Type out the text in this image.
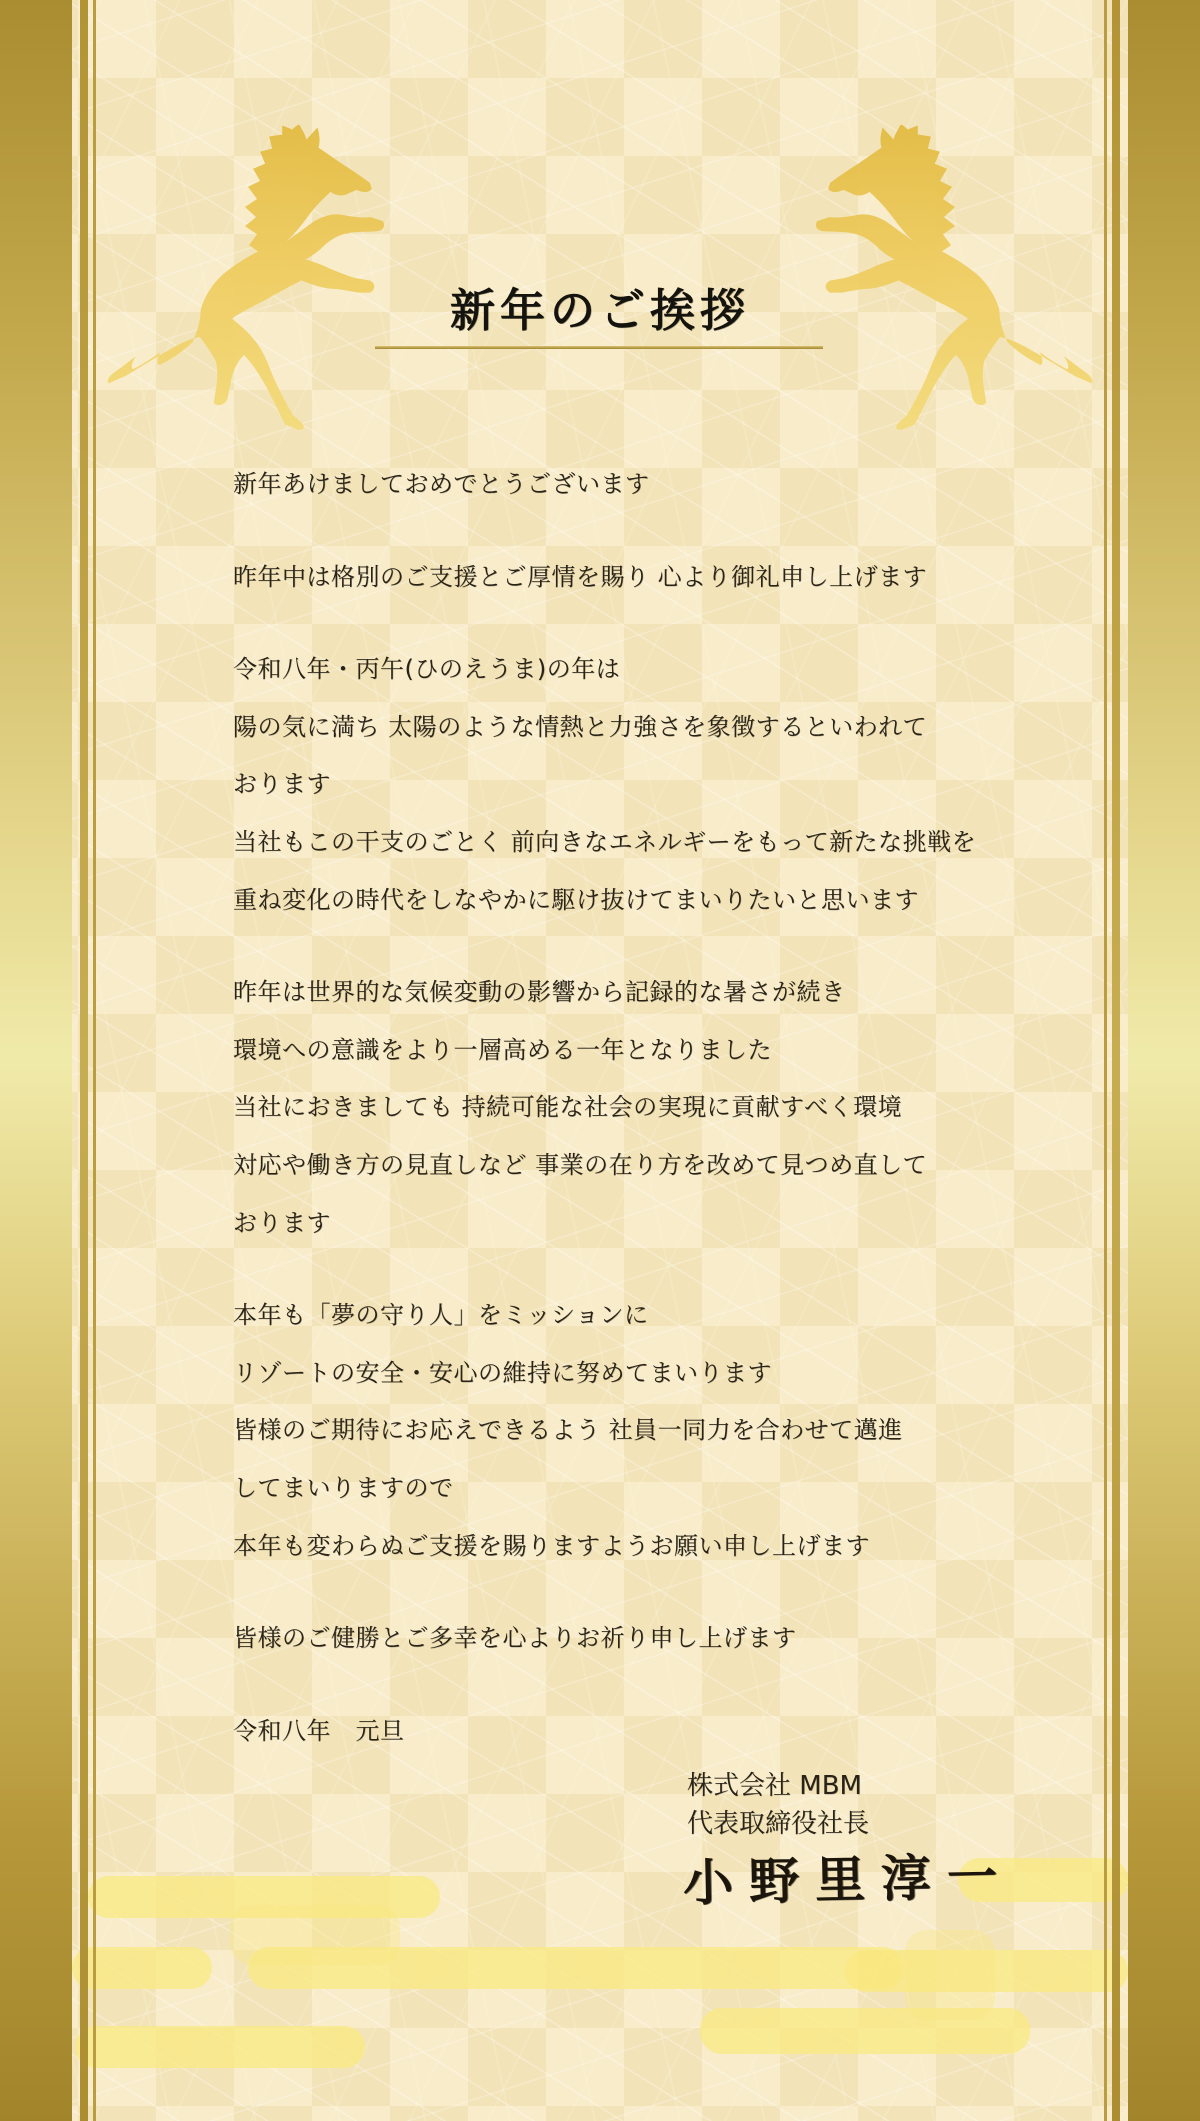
新年のご挨拶

新年あけましておめでとうございます

昨年中は格別のご支援とご厚情を賜り 心より御礼申し上げます

令和八年・丙午(ひのえうま)の年は
陽の気に満ち 太陽のような情熱と力強さを象徴するといわれて
おります
当社もこの干支のごとく 前向きなエネルギーをもって新たな挑戦を
重ね変化の時代をしなやかに駆け抜けてまいりたいと思います

昨年は世界的な気候変動の影響から記録的な暑さが続き
環境への意識をより一層高める一年となりました
当社におきましても 持続可能な社会の実現に貢献すべく環境
対応や働き方の見直しなど 事業の在り方を改めて見つめ直して
おります

本年も「夢の守り人」をミッションに
リゾートの安全・安心の維持に努めてまいります
皆様のご期待にお応えできるよう 社員一同力を合わせて邁進
してまいりますので
本年も変わらぬご支援を賜りますようお願い申し上げます

皆様のご健勝とご多幸を心よりお祈り申し上げます

令和八年　元旦

株式会社 MBM
代表取締役社長
小野里淳一
